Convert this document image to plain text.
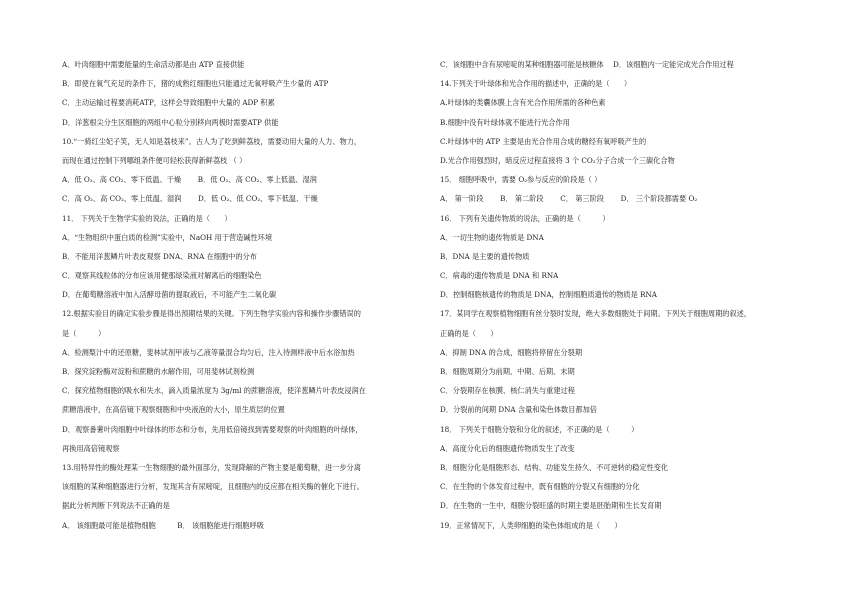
A．叶肉细胞中需要能量的生命活动都是由 ATP 直接供能
B．即使在氧气充足的条件下，猪的成熟红细胞也只能通过无氧呼吸产生少量的 ATP
C．主动运输过程要消耗ATP，这样会导致细胞中大量的 ADP 积累
D．洋葱根尖分生区细胞的两组中心粒分别移向两极时需要ATP 供能
10.“一骑红尘妃子笑，无人知是荔枝来”。古人为了吃到鲜荔枝，需要动用大量的人力、物力，
而现在通过控制下列哪组条件便可轻松获得新鲜荔枝 （ ）
A．低 O₂、高 CO₂、零下低温、干燥　　 B．低 O₂、高 CO₂、零上低温、湿润
C．高 O₂、高 CO₂、零上低温、湿润　　 D．低 O₂、低 CO₂、零下低温、干燥
11． 下列关于生物学实验的说法，正确的是（　　）
A．“生物组织中蛋白质的检测”实验中，NaOH 用于营造碱性环境
B．不能用洋葱鳞片叶表皮观察 DNA、RNA 在细胞中的分布
C．观察其线粒体的分布应该用健那绿染液对解离后的细胞染色
D．在葡萄糖溶液中加入活酵母菌的提取液后，不可能产生二氧化碳
12.根据实验目的确定实验步骤是得出预期结果的关键。下列生物学实验内容和操作步骤错误的
是（　　　）
A．检测梨汁中的还原糖，斐林试剂甲液与乙液等量混合均匀后，注入待测样液中后水浴加热
B．探究淀粉酶对淀粉和蔗糖的水解作用，可用斐林试剂检测
C．探究植物细胞的吸水和失水，滴入质量浓度为 3g/ml 的蔗糖溶液，使洋葱鳞片叶表皮浸润在
蔗糖溶液中，在高倍镜下观察细胞和中央液泡的大小，原生质层的位置
D．观察番薯叶肉细胞中叶绿体的形态和分布，先用低倍镜找到需要观察的叶肉细胞的叶绿体，
再换用高倍镜观察
13.用特异性的酶处理某一生物细胞的最外面部分，发现降解的产物主要是葡萄糖，进一步分离
该细胞的某种细胞器进行分析，发现其含有尿嘧啶，且细胞内的反应都在相关酶的催化下进行。
据此分析判断下列说法不正确的是
A． 该细胞最可能是植物细胞　　　B． 该细胞能进行细胞呼吸
C．该细胞中含有尿嘧啶的某种细胞器可能是核糖体　 D．该细胞内一定能完成光合作用过程
14.下列关于叶绿体和光合作用的描述中，正确的是（　　）
A.叶绿体的类囊体膜上含有光合作用所需的各种色素
B.细胞中没有叶绿体就不能进行光合作用
C.叶绿体中的 ATP 主要是由光合作用合成的糖经有氧呼吸产生的
D.光合作用强烈时，暗反应过程直接将 3 个 CO₂分子合成一个三碳化合物
15． 细胞呼吸中，需要 O₂参与反应的阶段是（ ）
A． 第一阶段　　 B． 第二阶段　　 C． 第三阶段　　 D． 三个阶段都需要 O₂
16． 下列有关遗传物质的说法，正确的是（　　　）
A．一切生物的遗传物质是 DNA
B．DNA 是主要的遗传物质
C．病毒的遗传物质是 DNA 和 RNA
D．控制细胞核遗传的物质是 DNA，控制细胞质遗传的物质是 RNA
17．某同学在观察植物细胞有丝分裂时发现，绝大多数细胞处于间期。下列关于细胞周期的叙述，
正确的是（　　）
A．抑制 DNA 的合成，细胞将停留在分裂期
B．细胞周期分为前期、中期、后期、末期
C．分裂期存在核膜、核仁消失与重建过程
D．分裂前的间期 DNA 含量和染色体数目都加倍
18． 下列关于细胞分裂和分化的叙述，不正确的是（　　　）
A．高度分化后的细胞遗传物质发生了改变
B．细胞分化是细胞形态、结构、功能发生持久、不可逆转的稳定性变化
C．在生物的个体发育过程中，既有细胞的分裂又有细胞的分化
D．在生物的一生中，细胞分裂旺盛的时期主要是胚胎期和生长发育期
19．正常情况下，人类卵细胞的染色体组成的是（　　）
